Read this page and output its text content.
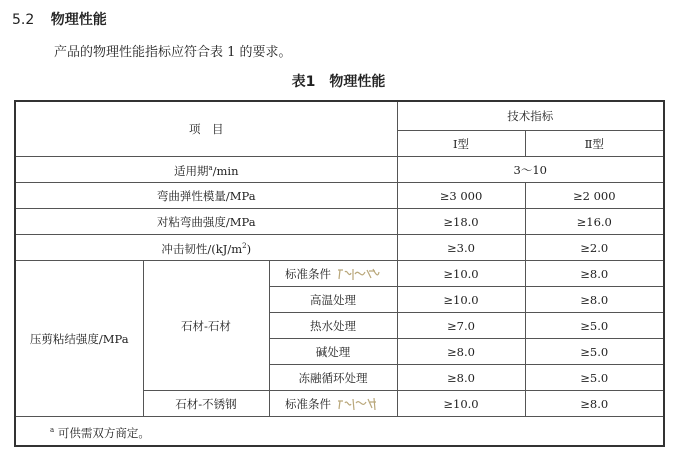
5.2 物理性能
产品的物理性能指标应符合表 1 的要求。
表1　物理性能
项　目			技术指标	
			Ⅰ型	Ⅱ型
适用期$^a$/min			3～10	
弯曲弹性模量/MPa			≥3 000	≥2 000
对粘弯曲强度/MPa			≥18.0	≥16.0
冲击韧性$/(kJ/m^2)$			≥3.0	≥2.0
压剪粘结强度/MPa	石材-石材	标准条件	≥10.0	≥8.0
		高温处理	≥10.0	≥8.0
		热水处理	≥7.0	≥5.0
		碱处理	≥8.0	≥5.0
		冻融循环处理	≥8.0	≥5.0
	石材-不锈钢	标准条件	≥10.0	≥8.0
$^a$ 可供需双方商定。				
